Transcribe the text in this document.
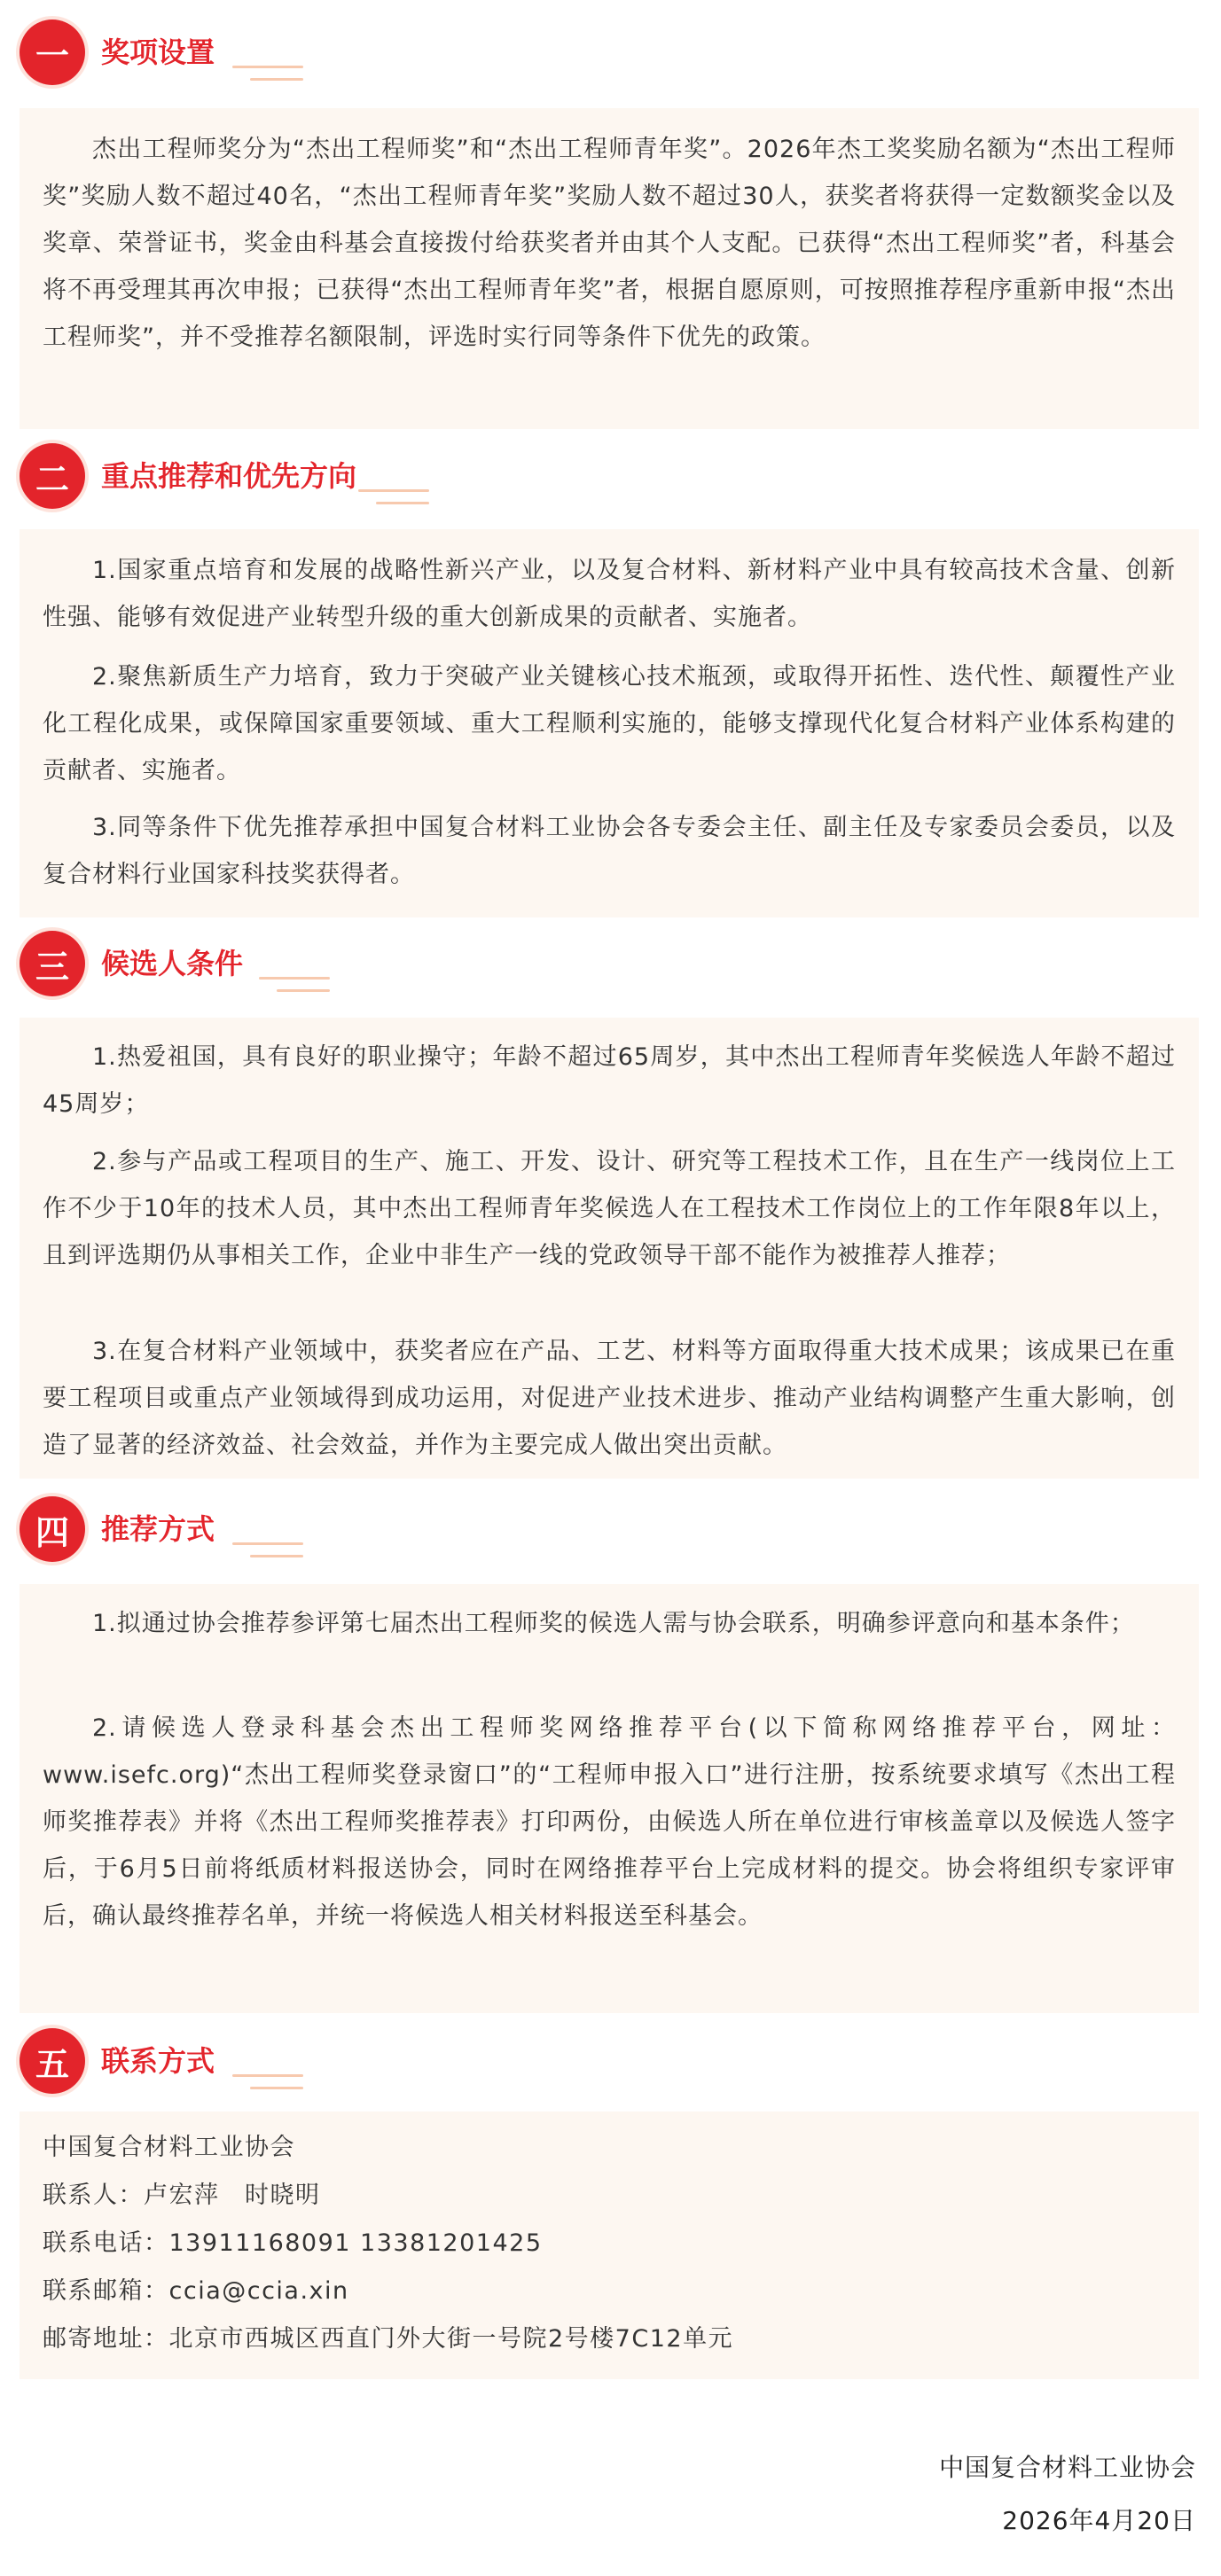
一	奖项设置
杰出工程师奖分为“杰出工程师奖”和“杰出工程师青年奖”。2026年杰工奖奖励名额为“杰出工程师奖”奖励人数不超过40名，“杰出工程师青年奖”奖励人数不超过30人，获奖者将获得一定数额奖金以及奖章、荣誉证书，奖金由科基会直接拨付给获奖者并由其个人支配。已获得“杰出工程师奖”者，科基会将不再受理其再次申报；已获得“杰出工程师青年奖”者，根据自愿原则，可按照推荐程序重新申报“杰出工程师奖”，并不受推荐名额限制，评选时实行同等条件下优先的政策。
二	重点推荐和优先方向
1.国家重点培育和发展的战略性新兴产业，以及复合材料、新材料产业中具有较高技术含量、创新性强、能够有效促进产业转型升级的重大创新成果的贡献者、实施者。
2.聚焦新质生产力培育，致力于突破产业关键核心技术瓶颈，或取得开拓性、迭代性、颠覆性产业化工程化成果，或保障国家重要领域、重大工程顺利实施的，能够支撑现代化复合材料产业体系构建的贡献者、实施者。
3.同等条件下优先推荐承担中国复合材料工业协会各专委会主任、副主任及专家委员会委员，以及复合材料行业国家科技奖获得者。
三	候选人条件
1.热爱祖国，具有良好的职业操守；年龄不超过65周岁，其中杰出工程师青年奖候选人年龄不超过45周岁；
2.参与产品或工程项目的生产、施工、开发、设计、研究等工程技术工作，且在生产一线岗位上工作不少于10年的技术人员，其中杰出工程师青年奖候选人在工程技术工作岗位上的工作年限8年以上，且到评选期仍从事相关工作，企业中非生产一线的党政领导干部不能作为被推荐人推荐；
3.在复合材料产业领域中，获奖者应在产品、工艺、材料等方面取得重大技术成果；该成果已在重要工程项目或重点产业领域得到成功运用，对促进产业技术进步、推动产业结构调整产生重大影响，创造了显著的经济效益、社会效益，并作为主要完成人做出突出贡献。
四	推荐方式
1.拟通过协会推荐参评第七届杰出工程师奖的候选人需与协会联系，明确参评意向和基本条件；
2.请候选人登录科基会杰出工程师奖网络推荐平台(以下简称网络推荐平台，网址：www.isefc.org)“杰出工程师奖登录窗口”的“工程师申报入口”进行注册，按系统要求填写《杰出工程师奖推荐表》并将《杰出工程师奖推荐表》打印两份，由候选人所在单位进行审核盖章以及候选人签字后，于6月5日前将纸质材料报送协会，同时在网络推荐平台上完成材料的提交。协会将组织专家评审后，确认最终推荐名单，并统一将候选人相关材料报送至科基会。
五	联系方式
中国复合材料工业协会
联系人：卢宏萍　时晓明
联系电话：13911168091 13381201425
联系邮箱：ccia@ccia.xin
邮寄地址：北京市西城区西直门外大街一号院2号楼7C12单元
中国复合材料工业协会
2026年4月20日
